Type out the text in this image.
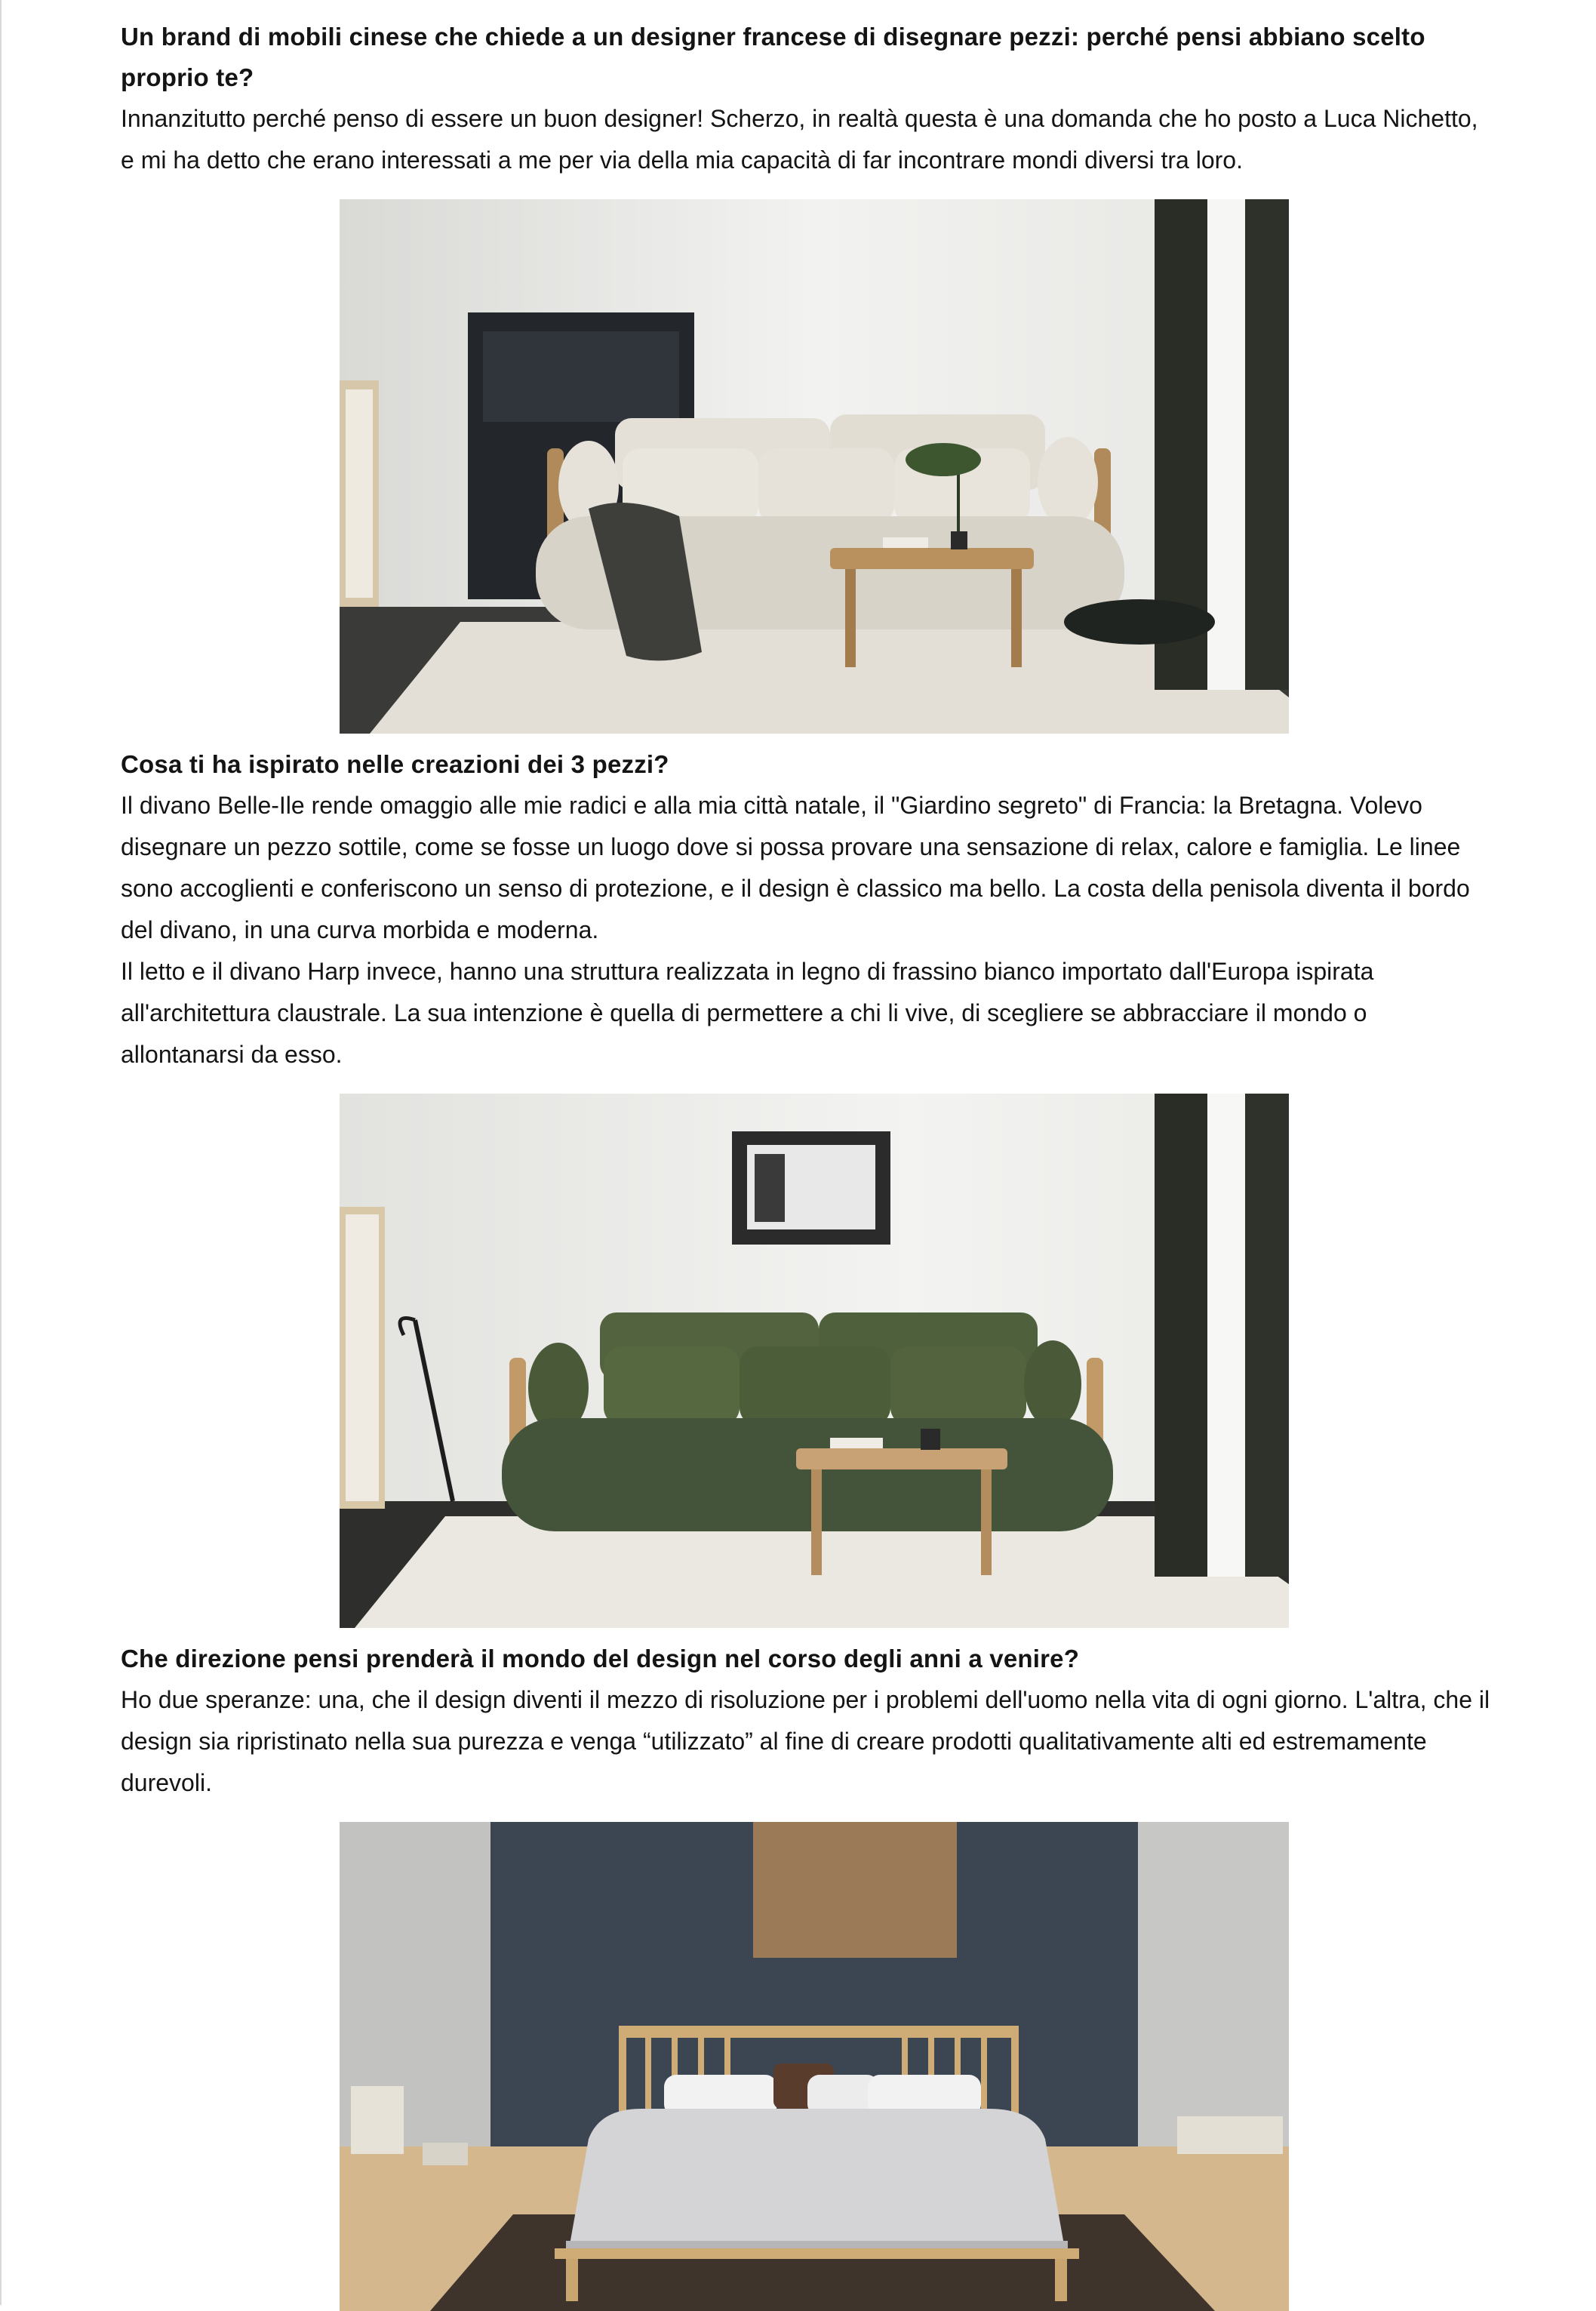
Un brand di mobili cinese che chiede a un designer francese di disegnare pezzi: perché pensi abbiano scelto proprio te?

Innanzitutto perché penso di essere un buon designer! Scherzo, in realtà questa è una domanda che ho posto a Luca Nichetto, e mi ha detto che erano interessati a me per via della mia capacità di far incontrare mondi diversi tra loro.

Cosa ti ha ispirato nelle creazioni dei 3 pezzi?

Il divano Belle-Ile rende omaggio alle mie radici e alla mia città natale, il "Giardino segreto" di Francia: la Bretagna. Volevo disegnare un pezzo sottile, come se fosse un luogo dove si possa provare una sensazione di relax, calore e famiglia. Le linee sono accoglienti e conferiscono un senso di protezione, e il design è classico ma bello. La costa della penisola diventa il bordo del divano, in una curva morbida e moderna.

Il letto e il divano Harp invece, hanno una struttura realizzata in legno di frassino bianco importato dall'Europa ispirata all'architettura claustrale. La sua intenzione è quella di permettere a chi li vive, di scegliere se abbracciare il mondo o allontanarsi da esso.

Che direzione pensi prenderà il mondo del design nel corso degli anni a venire?

Ho due speranze: una, che il design diventi il mezzo di risoluzione per i problemi dell'uomo nella vita di ogni giorno. L'altra, che il design sia ripristinato nella sua purezza e venga “utilizzato” al fine di creare prodotti qualitativamente alti ed estremamente durevoli.
